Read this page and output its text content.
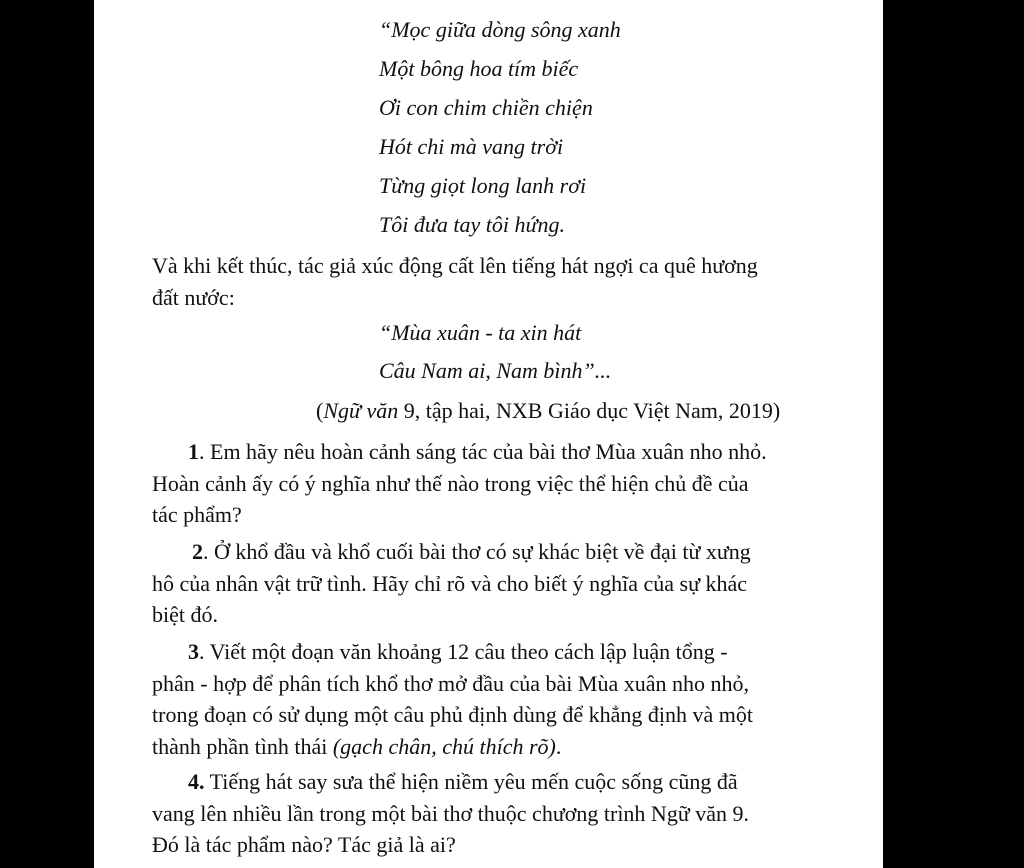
“Mọc giữa dòng sông xanh
Một bông hoa tím biếc
Ơi con chim chiền chiện
Hót chi mà vang trời
Từng giọt long lanh rơi
Tôi đưa tay tôi hứng.
Và khi kết thúc, tác giả xúc động cất lên tiếng hát ngợi ca quê hương
đất nước:
“Mùa xuân - ta xin hát
Câu Nam ai, Nam bình”...
(Ngữ văn 9, tập hai, NXB Giáo dục Việt Nam, 2019)
1. Em hãy nêu hoàn cảnh sáng tác của bài thơ Mùa xuân nho nhỏ.
Hoàn cảnh ấy có ý nghĩa như thế nào trong việc thể hiện chủ đề của
tác phẩm?
2. Ở khổ đầu và khổ cuối bài thơ có sự khác biệt về đại từ xưng
hô của nhân vật trữ tình. Hãy chỉ rõ và cho biết ý nghĩa của sự khác
biệt đó.
3. Viết một đoạn văn khoảng 12 câu theo cách lập luận tổng -
phân - hợp để phân tích khổ thơ mở đầu của bài Mùa xuân nho nhỏ,
trong đoạn có sử dụng một câu phủ định dùng để khẳng định và một
thành phần tình thái (gạch chân, chú thích rõ).
4. Tiếng hát say sưa thể hiện niềm yêu mến cuộc sống cũng đã
vang lên nhiều lần trong một bài thơ thuộc chương trình Ngữ văn 9.
Đó là tác phẩm nào? Tác giả là ai?
